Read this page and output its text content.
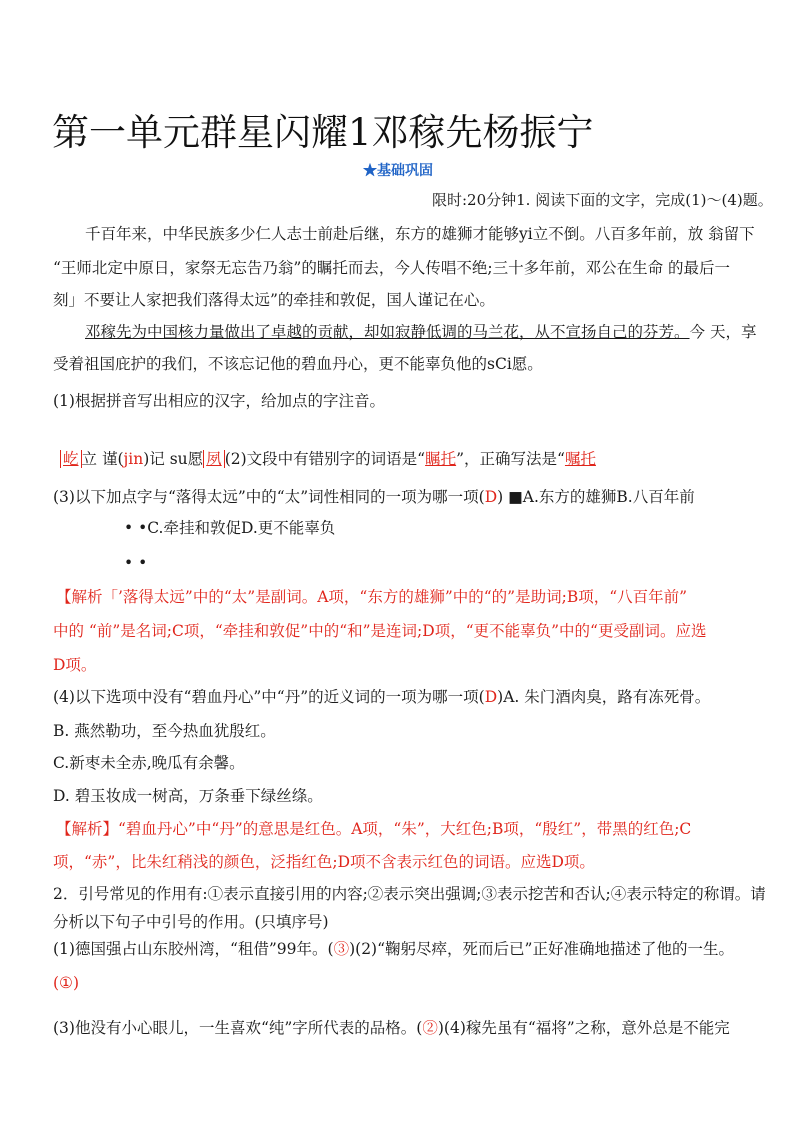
第一单元群星闪耀1邓稼先杨振宁
★基础巩固
限时:20分钟1. 阅读下面的文字，完成(1)〜(4)题。
千百年来，中华民族多少仁人志士前赴后继，东方的雄狮才能够yi立不倒。八百多年前，放 翁留下
“王师北定中原日，家祭无忘告乃翁”的瞩托而去，今人传唱不绝;三十多年前，邓公在生命 的最后一
刻」不要让人家把我们落得太远”的牵挂和敦促，国人谨记在心。
邓稼先为中国核力量做出了卓越的贡献，却如寂静低调的马兰花，从不宣扬自己的芬芳。今 天，享
受着祖国庇护的我们，不该忘记他的碧血丹心，更不能辜负他的sCi愿。
(1)根据拼音写出相应的汉字，给加点的字注音。
屹 立 谨(jin)记 su愿 夙 (2)文段中有错别字的词语是“瞩托”，正确写法是“嘱托
(3)以下加点字与“落得太远”中的“太”词性相同的一项为哪一项(D) ■A.东方的雄狮B.八百年前
• •C.牵挂和敦促D.更不能辜负
• •
【解析「’落得太远”中的“太”是副词。A项，“东方的雄狮”中的“的”是助词;B项，“八百年前”
中的 “前”是名词;C项，“牵挂和敦促”中的“和”是连词;D项，“更不能辜负”中的“更受副词。应选
D项。
(4)以下选项中没有“碧血丹心”中“丹”的近义词的一项为哪一项(D)A. 朱门酒肉臭，路有冻死骨。
B. 燕然勒功，至今热血犹殷红。
C.新枣未全赤,晚瓜有余馨。
D. 碧玉妆成一树高，万条垂下绿丝绦。
【解析】“碧血丹心”中“丹”的意思是红色。A项，“朱”，大红色;B项，“殷红”，带黑的红色;C
项，“赤”，比朱红稍浅的颜色，泛指红色;D项不含表示红色的词语。应选D项。
2．引号常见的作用有:①表示直接引用的内容;②表示突出强调;③表示挖苦和否认;④表示特定的称谓。请
分析以下句子中引号的作用。(只填序号)
(1)德国强占山东胶州湾，“租借”99年。(③)(2)“鞠躬尽瘁，死而后已”正好准确地描述了他的一生。
(①)
(3)他没有小心眼儿，一生喜欢“纯”字所代表的品格。(②)(4)稼先虽有“福将”之称，意外总是不能完
